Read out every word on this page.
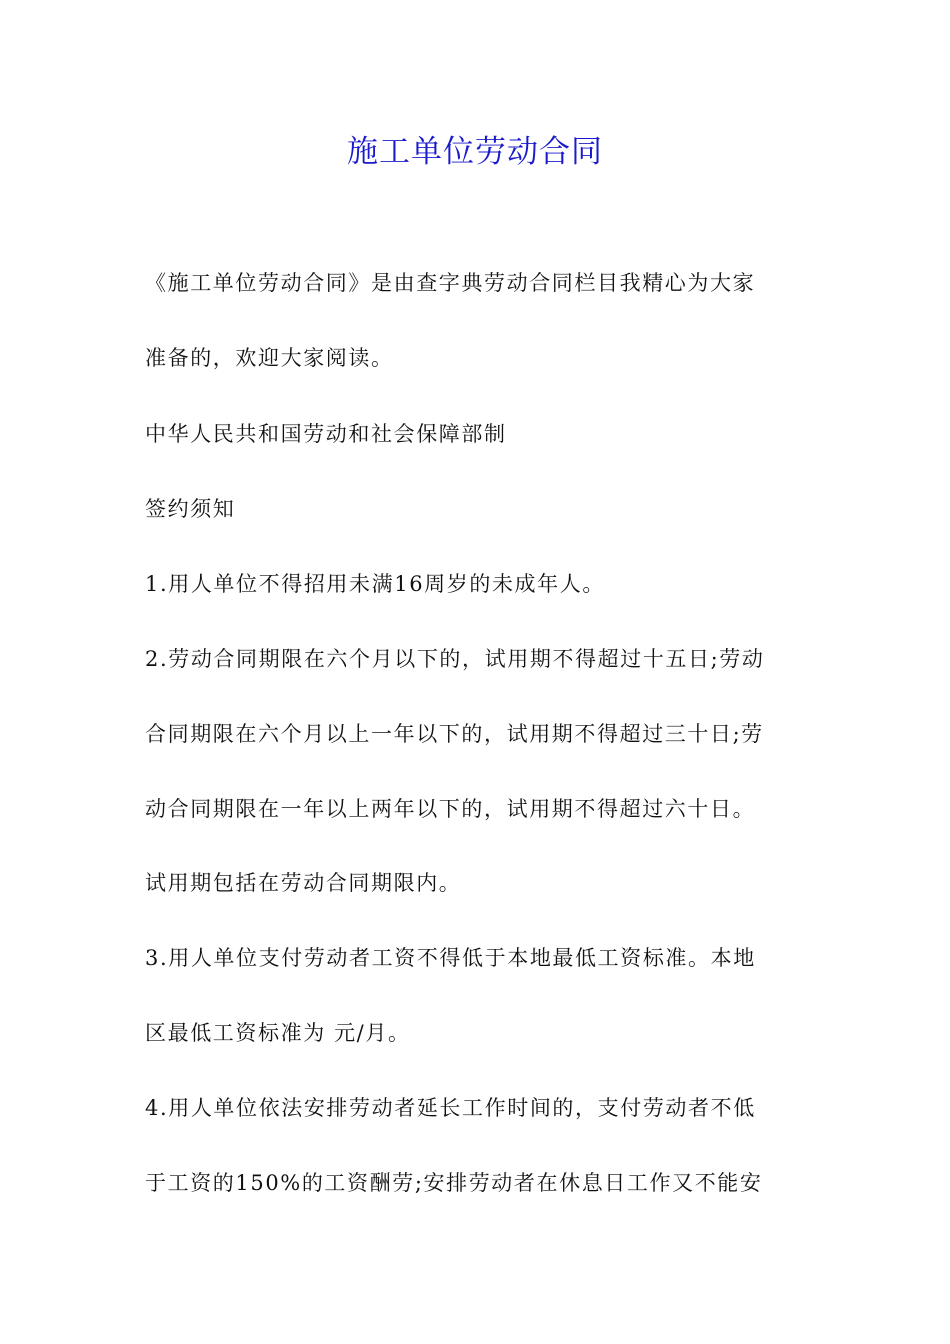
施工单位劳动合同
《施工单位劳动合同》是由查字典劳动合同栏目我精心为大家
准备的，欢迎大家阅读。
中华人民共和国劳动和社会保障部制
签约须知
1.用人单位不得招用未满16周岁的未成年人。
2.劳动合同期限在六个月以下的，试用期不得超过十五日;劳动
合同期限在六个月以上一年以下的，试用期不得超过三十日;劳
动合同期限在一年以上两年以下的，试用期不得超过六十日。
试用期包括在劳动合同期限内。
3.用人单位支付劳动者工资不得低于本地最低工资标准。本地
区最低工资标准为 元/月。
4.用人单位依法安排劳动者延长工作时间的，支付劳动者不低
于工资的150%的工资酬劳;安排劳动者在休息日工作又不能安
